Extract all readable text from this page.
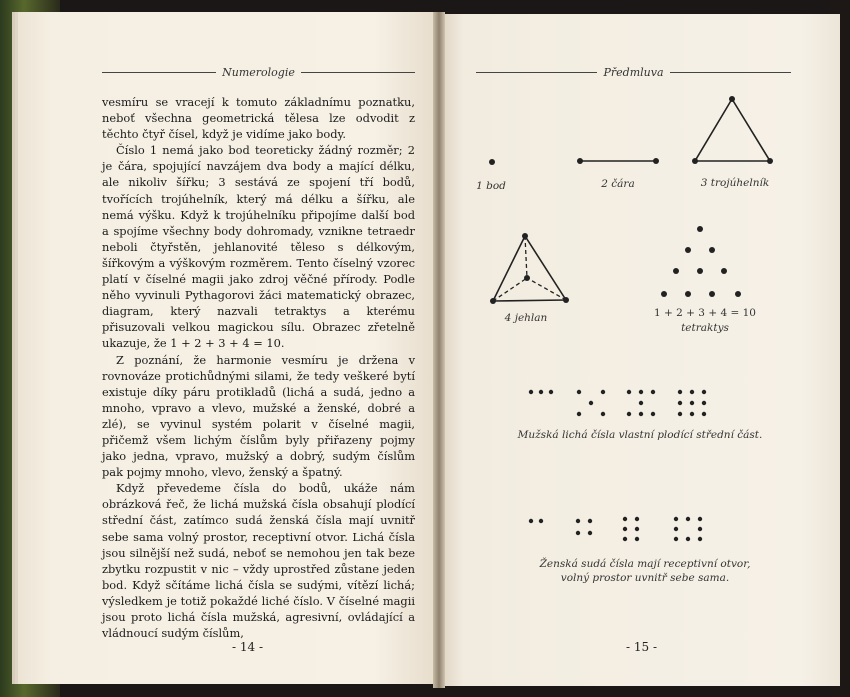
Numerologie

vesmíru se vracejí k tomuto základnímu poznatku, neboť všechna geometrická tělesa lze odvodit z těchto čtyř čísel, když je vidíme jako body.

Číslo 1 nemá jako bod teoreticky žádný rozměr; 2 je čára, spojující navzájem dva body a mající délku, ale nikoliv šířku; 3 sestává ze spojení tří bodů, tvořících trojúhelník, který má délku a šířku, ale nemá výšku. Když k trojúhelníku připojíme další bod a spojíme všechny body dohromady, vznikne tetraedr neboli čtyřstěn, jehlanovité těleso s délkovým, šířkovým a výškovým rozměrem. Tento číselný vzorec platí v číselné magii jako zdroj věčné přírody. Podle něho vyvinuli Pythagorovi žáci matematický obrazec, diagram, který nazvali tetraktys a kterému přisuzovali velkou magickou sílu. Obrazec zřetelně ukazuje, že 1 + 2 + 3 + 4 = 10.

Z poznání, že harmonie vesmíru je držena v rovnováze protichůdnými silami, že tedy veškeré bytí existuje díky páru protikladů (lichá a sudá, jedno a mnoho, vpravo a vlevo, mužské a ženské, dobré a zlé), se vyvinul systém polarit v číselné magii, přičemž všem lichým číslům byly přiřazeny pojmy jako jedna, vpravo, mužský a dobrý, sudým číslům pak pojmy mnoho, vlevo, ženský a špatný.

Když převedeme čísla do bodů, ukáže nám obrázková řeč, že lichá mužská čísla obsahují plodící střední část, zatímco sudá ženská čísla mají uvnitř sebe sama volný prostor, receptivní otvor. Lichá čísla jsou silnější než sudá, neboť se nemohou jen tak beze zbytku rozpustit v nic – vždy uprostřed zůstane jeden bod. Když sčítáme lichá čísla se sudými, vítězí lichá; výsledkem je totiž pokaždé liché číslo. V číselné magii jsou proto lichá čísla mužská, agresivní, ovládající a vládnoucí sudým číslům,

- 14 -
Předmluva
1 bod	2 čára	3 trojúhelník
4 jehlan	1 + 2 + 3 + 4 = 10
tetraktys
Mužská lichá čísla vlastní plodící střední část.
Ženská sudá čísla mají receptivní otvor,
volný prostor uvnitř sebe sama.
- 15 -
